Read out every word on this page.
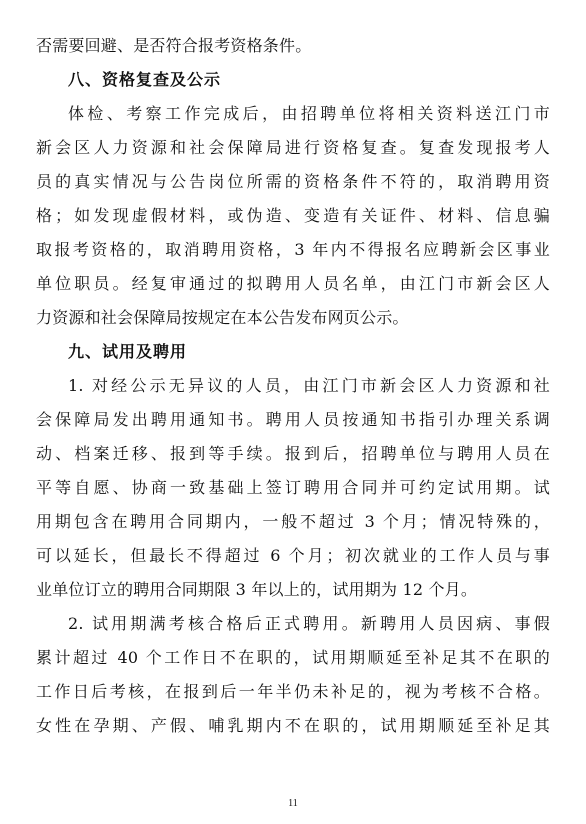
否需要回避、是否符合报考资格条件。
八、资格复查及公示
体检、考察工作完成后，由招聘单位将相关资料送江门市
新会区人力资源和社会保障局进行资格复查。复查发现报考人
员的真实情况与公告岗位所需的资格条件不符的，取消聘用资
格；如发现虚假材料，或伪造、变造有关证件、材料、信息骗
取报考资格的，取消聘用资格，3 年内不得报名应聘新会区事业
单位职员。经复审通过的拟聘用人员名单，由江门市新会区人
力资源和社会保障局按规定在本公告发布网页公示。
九、试用及聘用
1. 对经公示无异议的人员，由江门市新会区人力资源和社
会保障局发出聘用通知书。聘用人员按通知书指引办理关系调
动、档案迁移、报到等手续。报到后，招聘单位与聘用人员在
平等自愿、协商一致基础上签订聘用合同并可约定试用期。试
用期包含在聘用合同期内，一般不超过 3 个月；情况特殊的，
可以延长，但最长不得超过 6 个月；初次就业的工作人员与事
业单位订立的聘用合同期限 3 年以上的，试用期为 12 个月。
2. 试用期满考核合格后正式聘用。新聘用人员因病、事假
累计超过 40 个工作日不在职的，试用期顺延至补足其不在职的
工作日后考核，在报到后一年半仍未补足的，视为考核不合格。
女性在孕期、产假、哺乳期内不在职的，试用期顺延至补足其
11
